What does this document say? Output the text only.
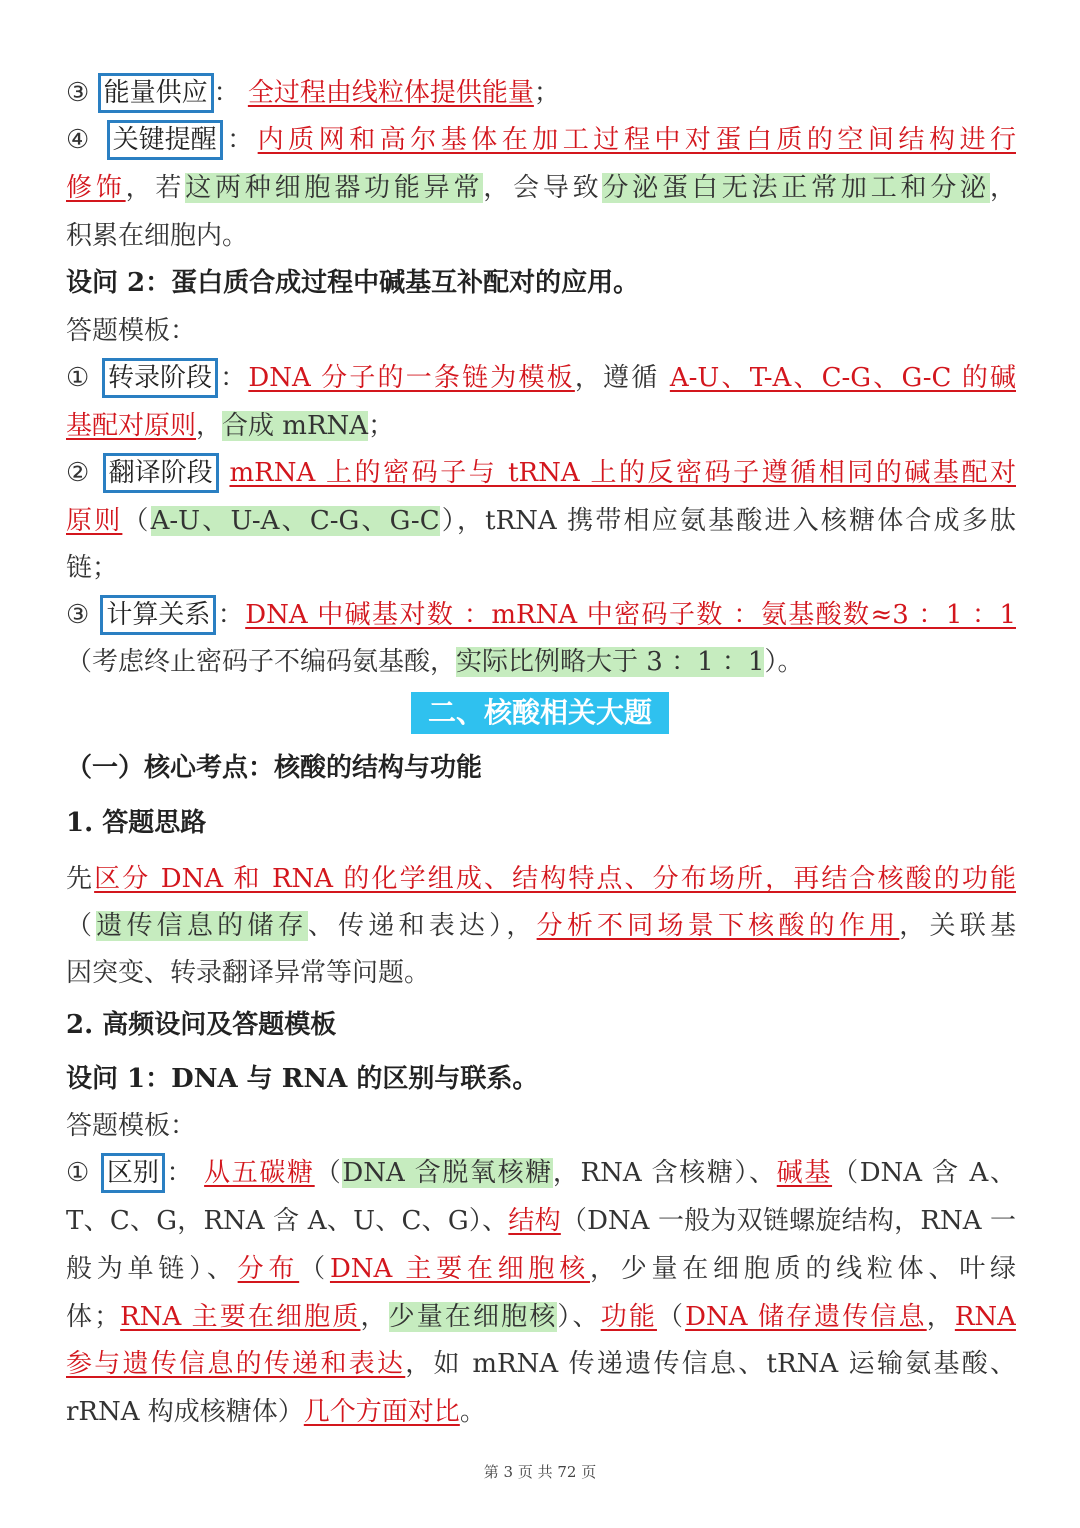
③ 能量供应 ： 全过程由线粒体提供能量；
④ 关键提醒 ：内质网和高尔基体在加工过程中对蛋白质的空间结构进行
修饰，若这两种细胞器功能异常，会导致分泌蛋白无法正常加工和分泌，
积累在细胞内。
设问 2：蛋白质合成过程中碱基互补配对的应用。
答题模板：
① 转录阶段 ：DNA 分子的一条链为模板，遵循 A-U、T-A、C-G、G-C 的碱
基配对原则，合成 mRNA；
② 翻译阶段 mRNA 上的密码子与 tRNA 上的反密码子遵循相同的碱基配对
原则（A-U、U-A、C-G、G-C），tRNA 携带相应氨基酸进入核糖体合成多肽
链；
③ 计算关系 ：DNA 中碱基对数 ：mRNA 中密码子数 ：氨基酸数≈3 ：1 ：1
（考虑终止密码子不编码氨基酸，实际比例略大于 3 ：1 ：1）。
二、核酸相关大题
（一）核心考点：核酸的结构与功能
1. 答题思路
先区分 DNA 和 RNA 的化学组成、结构特点、分布场所，再结合核酸的功能
（遗传信息的储存、传递和表达），分析不同场景下核酸的作用，关联基
因突变、转录翻译异常等问题。
2. 高频设问及答题模板
设问 1：DNA 与 RNA 的区别与联系。
答题模板：
① 区别 ： 从五碳糖（DNA 含脱氧核糖，RNA 含核糖）、碱基（DNA 含 A、
T、C、G，RNA 含 A、U、C、G）、结构（DNA 一般为双链螺旋结构，RNA 一
般为单链）、分布（DNA 主要在细胞核，少量在细胞质的线粒体、叶绿
体；RNA 主要在细胞质，少量在细胞核）、功能（DNA 储存遗传信息，RNA
参与遗传信息的传递和表达，如 mRNA 传递遗传信息、tRNA 运输氨基酸、
rRNA 构成核糖体）几个方面对比。
第 3 页 共 72 页
